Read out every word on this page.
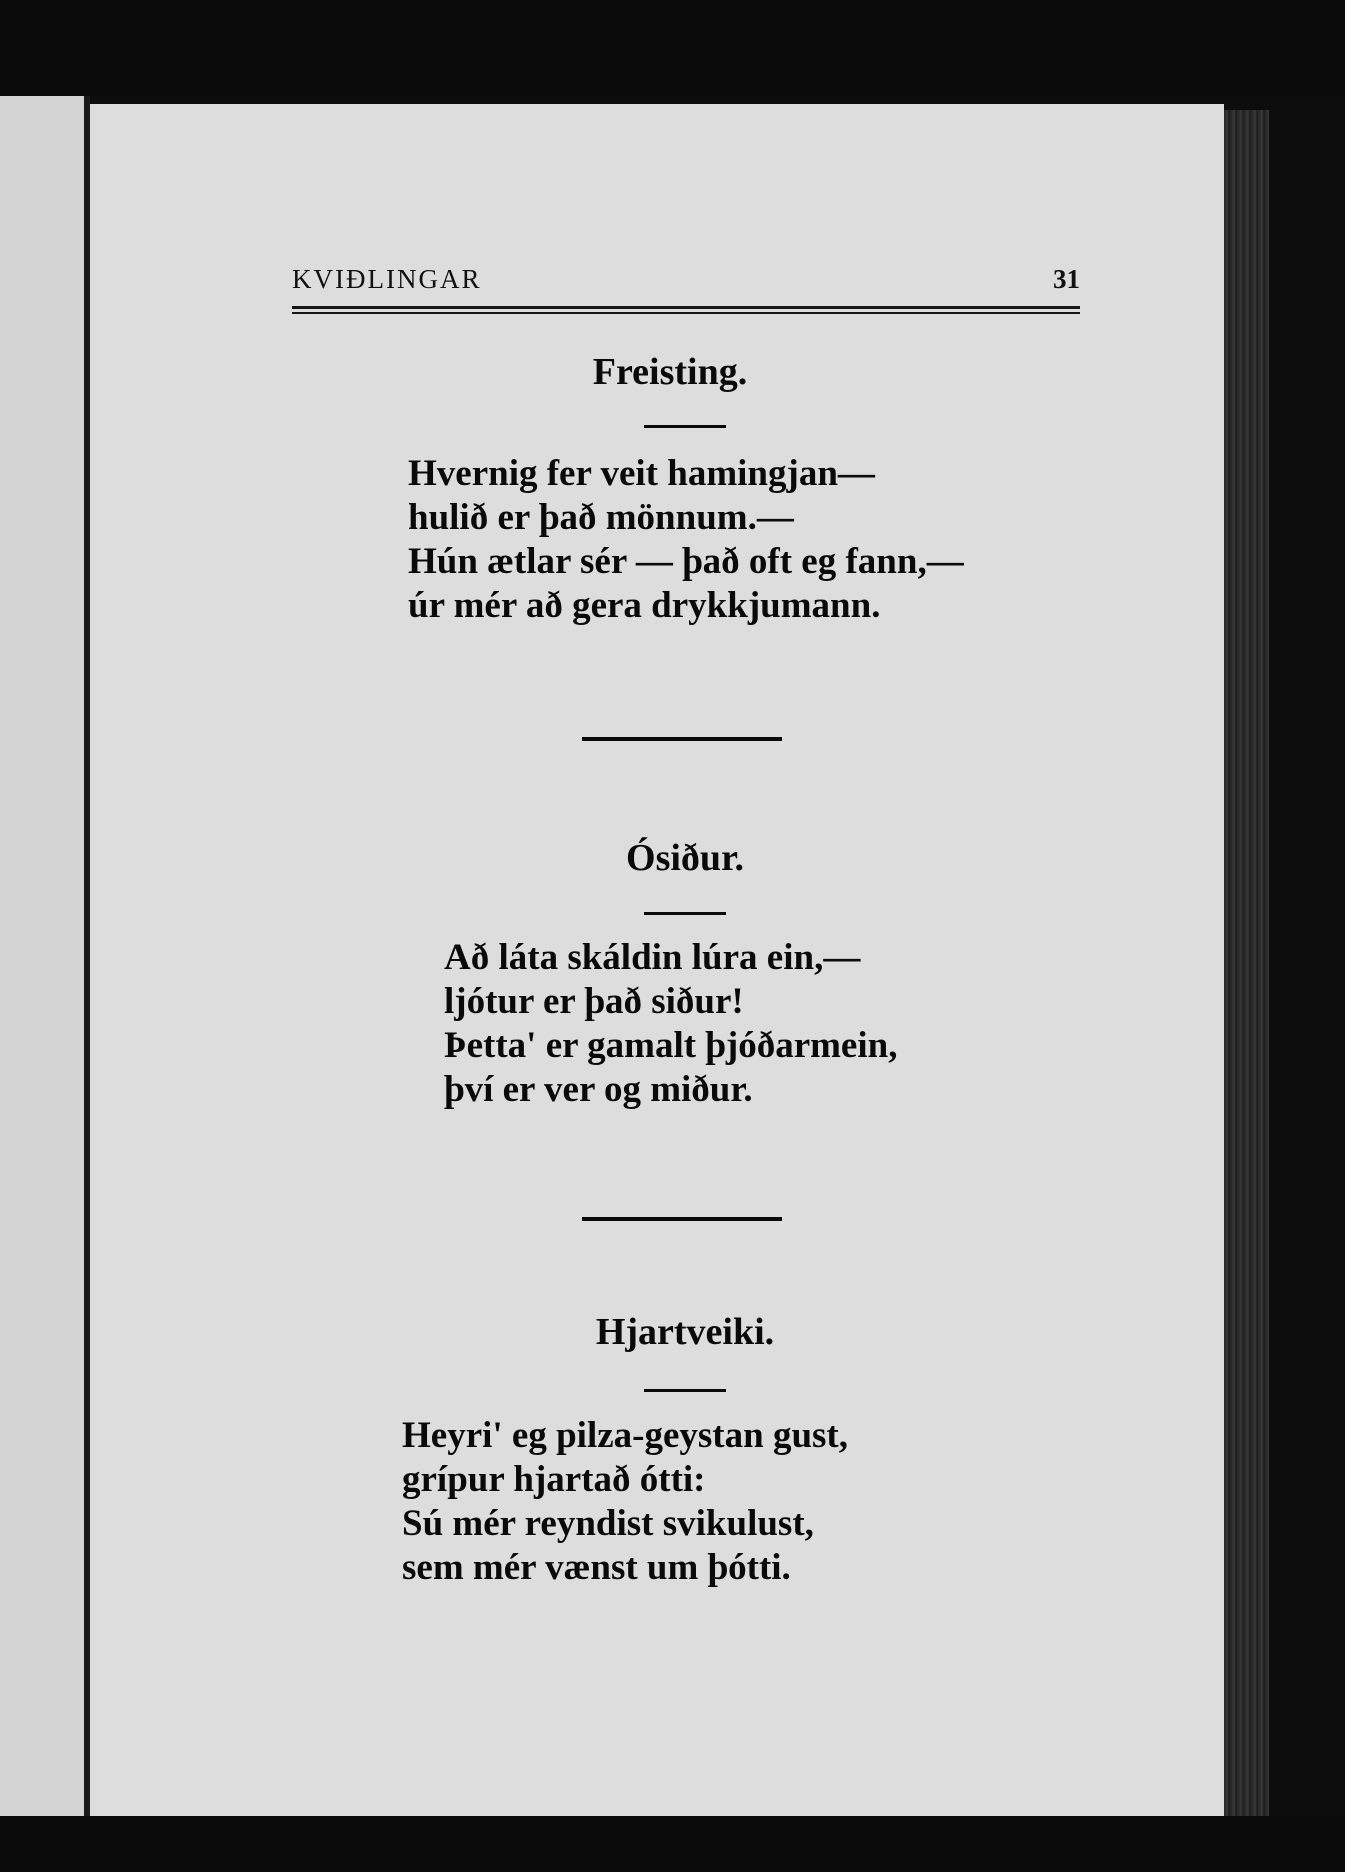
KVIÐLINGAR	31
Freisting.
Hvernig fer veit hamingjan—
hulið er það mönnum.—
Hún ætlar sér — það oft eg fann,—
úr mér að gera drykkjumann.
Ósiður.
Að láta skáldin lúra ein,—
ljótur er það siður!
Þetta' er gamalt þjóðarmein,
því er ver og miður.
Hjartveiki.
Heyri' eg pilza-geystan gust,
grípur hjartað ótti:
Sú mér reyndist svikulust,
sem mér vænst um þótti.
